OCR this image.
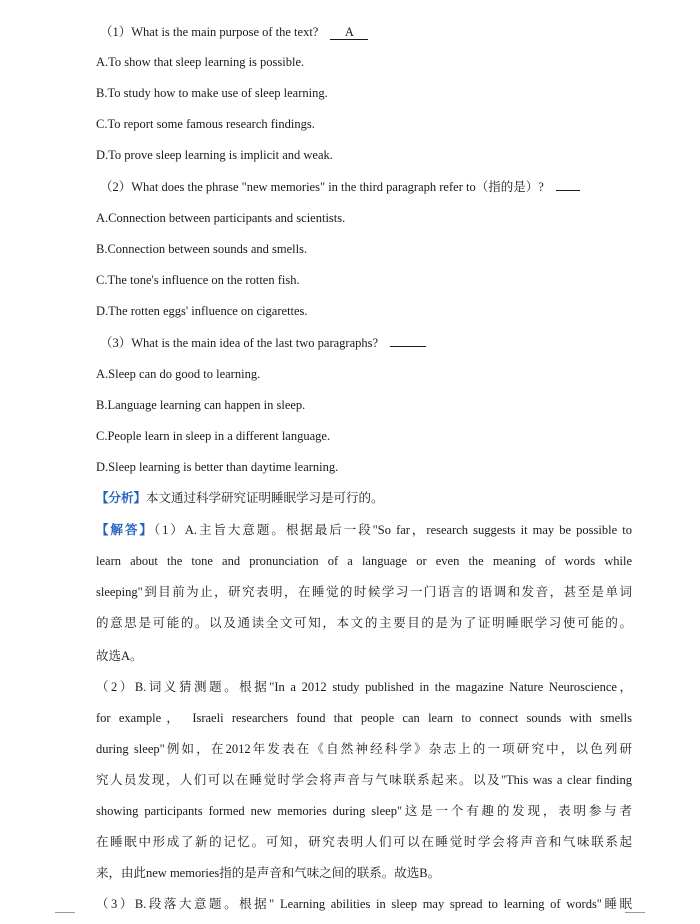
（1）What is the main purpose of the text? A
A.To show that sleep learning is possible.
B.To study how to make use of sleep learning.
C.To report some famous research findings.
D.To prove sleep learning is implicit and weak.
（2）What does the phrase "new memories" in the third paragraph refer to（指的是）?
A.Connection between participants and scientists.
B.Connection between sounds and smells.
C.The tone's influence on the rotten fish.
D.The rotten eggs' influence on cigarettes.
（3）What is the main idea of the last two paragraphs?
A.Sleep can do good to learning.
B.Language learning can happen in sleep.
C.People learn in sleep in a different language.
D.Sleep learning is better than daytime learning.
【分析】本文通过科学研究证明睡眠学习是可行的。
【解答】（1）A.主旨大意题。根据最后一段"So far，research suggests it may be possible to
learn about the tone and pronunciation of a language or even the meaning of words while
sleeping"到目前为止，研究表明，在睡觉的时候学习一门语言的语调和发音，甚至是单词
的意思是可能的。以及通读全文可知，本文的主要目的是为了证明睡眠学习使可能的。
故选A。
（2）B.词义猜测题。根据"In a 2012 study published in the magazine Nature Neuroscience，
for example， Israeli researchers found that people can learn to connect sounds with smells
during sleep"例如，在2012年发表在《自然神经科学》杂志上的一项研究中，以色列研
究人员发现，人们可以在睡觉时学会将声音与气味联系起来。以及"This was a clear finding
showing participants formed new memories during sleep"这是一个有趣的发现，表明参与者
在睡眠中形成了新的记忆。可知，研究表明人们可以在睡觉时学会将声音和气味联系起
来，由此new memories指的是声音和气味之间的联系。故选B。
（3）B.段落大意题。根据" Learning abilities in sleep may spread to learning of words"睡眠
